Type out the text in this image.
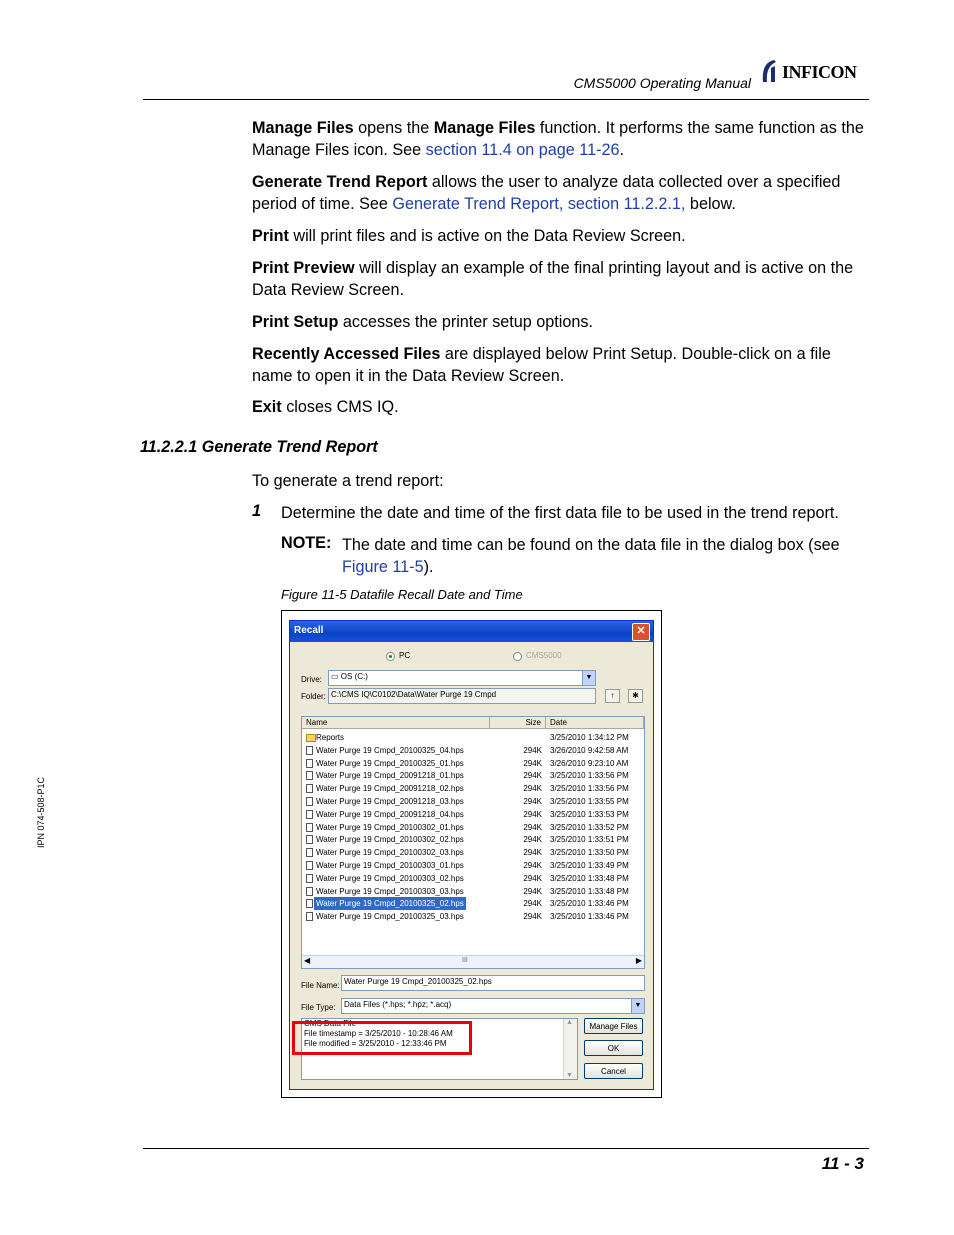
CMS5000 Operating Manual
INFICON

Manage Files opens the Manage Files function. It performs the same function as the Manage Files icon. See section 11.4 on page 11-26.

Generate Trend Report allows the user to analyze data collected over a specified period of time. See Generate Trend Report, section 11.2.2.1, below.

Print will print files and is active on the Data Review Screen.

Print Preview will display an example of the final printing layout and is active on the Data Review Screen.

Print Setup accesses the printer setup options.

Recently Accessed Files are displayed below Print Setup. Double-click on a file name to open it in the Data Review Screen.

Exit closes CMS IQ.

11.2.2.1 Generate Trend Report
To generate a trend report:
1 Determine the date and time of the first data file to be used in the trend report.
NOTE: The date and time can be found on the data file in the dialog box (see Figure 11-5).
Figure 11-5 Datafile Recall Date and Time
IPN 074-508-P1C
Recall	✕
PC	CMS5000
Drive:	▭ OS (C:)	▼
Folder: C:\CMS IQ\C0102\Data\Water Purge 19 Cmpd	↑	✱
Name	Size	Date
Reports	3/25/2010 1:34:12 PM
Water Purge 19 Cmpd_20100325_04.hps	294K 3/26/2010 9:42:58 AM
Water Purge 19 Cmpd_20100325_01.hps	294K 3/26/2010 9:23:10 AM
Water Purge 19 Cmpd_20091218_01.hps	294K 3/25/2010 1:33:56 PM
Water Purge 19 Cmpd_20091218_02.hps	294K 3/25/2010 1:33:56 PM
Water Purge 19 Cmpd_20091218_03.hps	294K 3/25/2010 1:33:55 PM
Water Purge 19 Cmpd_20091218_04.hps	294K 3/25/2010 1:33:53 PM
Water Purge 19 Cmpd_20100302_01.hps	294K 3/25/2010 1:33:52 PM
Water Purge 19 Cmpd_20100302_02.hps	294K 3/25/2010 1:33:51 PM
Water Purge 19 Cmpd_20100302_03.hps	294K 3/25/2010 1:33:50 PM
Water Purge 19 Cmpd_20100303_01.hps	294K 3/25/2010 1:33:49 PM
Water Purge 19 Cmpd_20100303_02.hps	294K 3/25/2010 1:33:48 PM
Water Purge 19 Cmpd_20100303_03.hps	294K 3/25/2010 1:33:48 PM
Water Purge 19 Cmpd_20100325_02.hps	294K 3/25/2010 1:33:46 PM
Water Purge 19 Cmpd_20100325_03.hps	294K 3/25/2010 1:33:46 PM
◀	III	▶
File Name: Water Purge 19 Cmpd_20100325_02.hps
File Type:	Data Files (*.hps; *.hpz; *.acq)	▼
CMS Data File
File timestamp = 3/25/2010 - 10:28:46 AM
File modified = 3/25/2010 - 12:33:46 PM
▲
▼
Manage Files
OK
Cancel
11 - 3
